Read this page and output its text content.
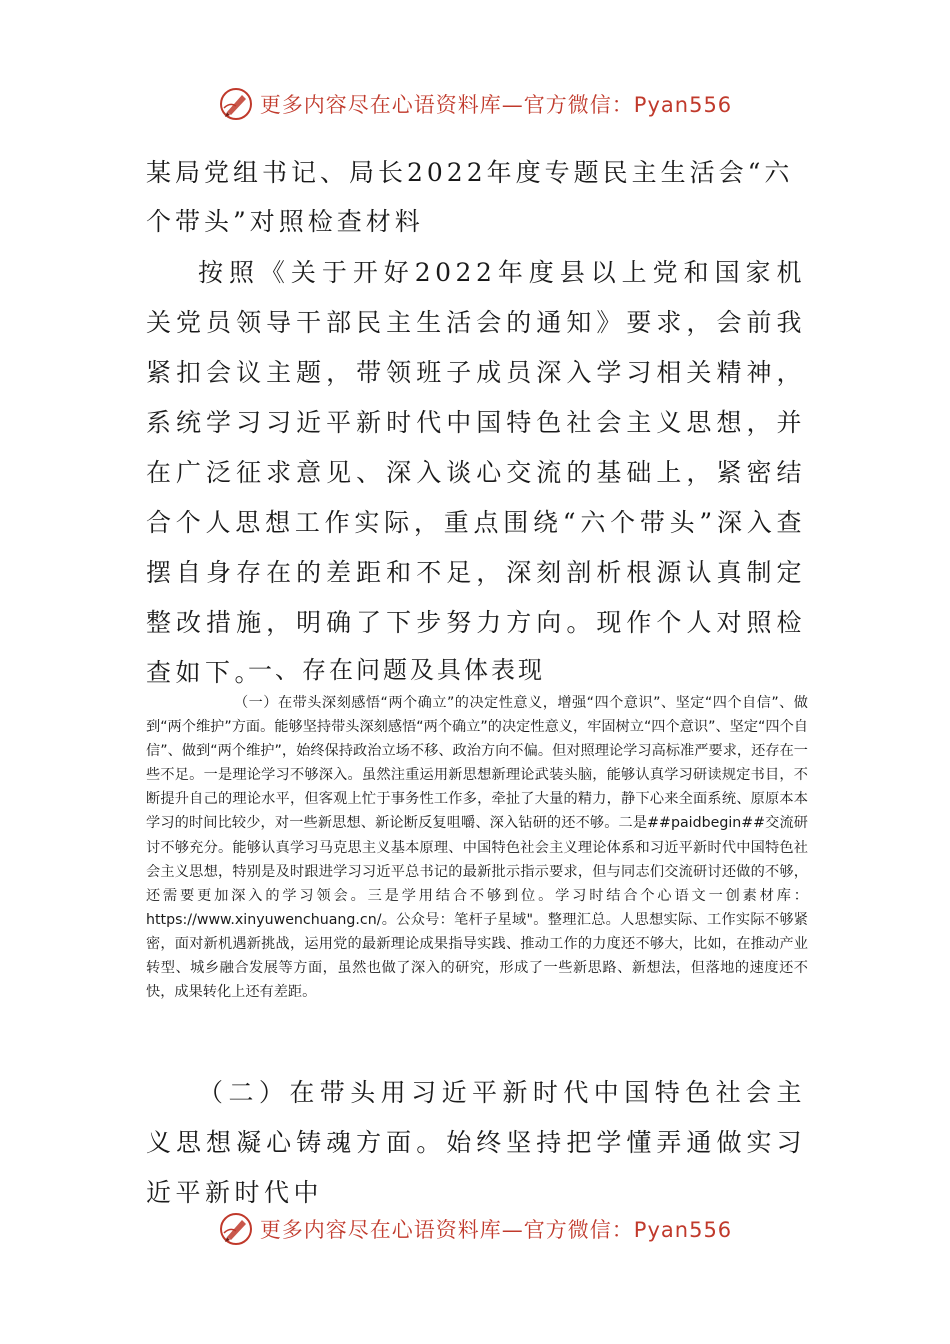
更多内容尽在心语资料库—官方微信：Pyan556
某局党组书记、局长2022年度专题民主生活会“六个带头”对照检查材料
按照《关于开好2022年度县以上党和国家机关党员领导干部民主生活会的通知》要求，会前我紧扣会议主题，带领班子成员深入学习相关精神，系统学习习近平新时代中国特色社会主义思想，并在广泛征求意见、深入谈心交流的基础上，紧密结合个人思想工作实际，重点围绕“六个带头”深入查摆自身存在的差距和不足，深刻剖析根源认真制定整改措施，明确了下步努力方向。现作个人对照检查如下。
一、存在问题及具体表现
（一）在带头深刻感悟“两个确立”的决定性意义，增强“四个意识”、坚定“四个自信”、做到“两个维护”方面。能够坚持带头深刻感悟“两个确立”的决定性意义，牢固树立“四个意识”、坚定“四个自信”、做到“两个维护”，始终保持政治立场不移、政治方向不偏。但对照理论学习高标准严要求，还存在一些不足。一是理论学习不够深入。虽然注重运用新思想新理论武装头脑，能够认真学习研读规定书目，不断提升自己的理论水平，但客观上忙于事务性工作多，牵扯了大量的精力，静下心来全面系统、原原本本学习的时间比较少，对一些新思想、新论断反复咀嚼、深入钻研的还不够。二是##paidbegin##交流研讨不够充分。能够认真学习马克思主义基本原理、中国特色社会主义理论体系和习近平新时代中国特色社会主义思想，特别是及时跟进学习习近平总书记的最新批示指示要求，但与同志们交流研讨还做的不够，还需要更加深入的学习领会。三是学用结合不够到位。学习时结合个心语文一创素材库：https://www.xinyuwenchuang.cn/。公众号：笔杆子星域"。整理汇总。人思想实际、工作实际不够紧密，面对新机遇新挑战，运用党的最新理论成果指导实践、推动工作的力度还不够大，比如，在推动产业转型、城乡融合发展等方面，虽然也做了深入的研究，形成了一些新思路、新想法，但落地的速度还不快，成果转化上还有差距。
（二）在带头用习近平新时代中国特色社会主义思想凝心铸魂方面。始终坚持把学懂弄通做实习近平新时代中
更多内容尽在心语资料库—官方微信：Pyan556
